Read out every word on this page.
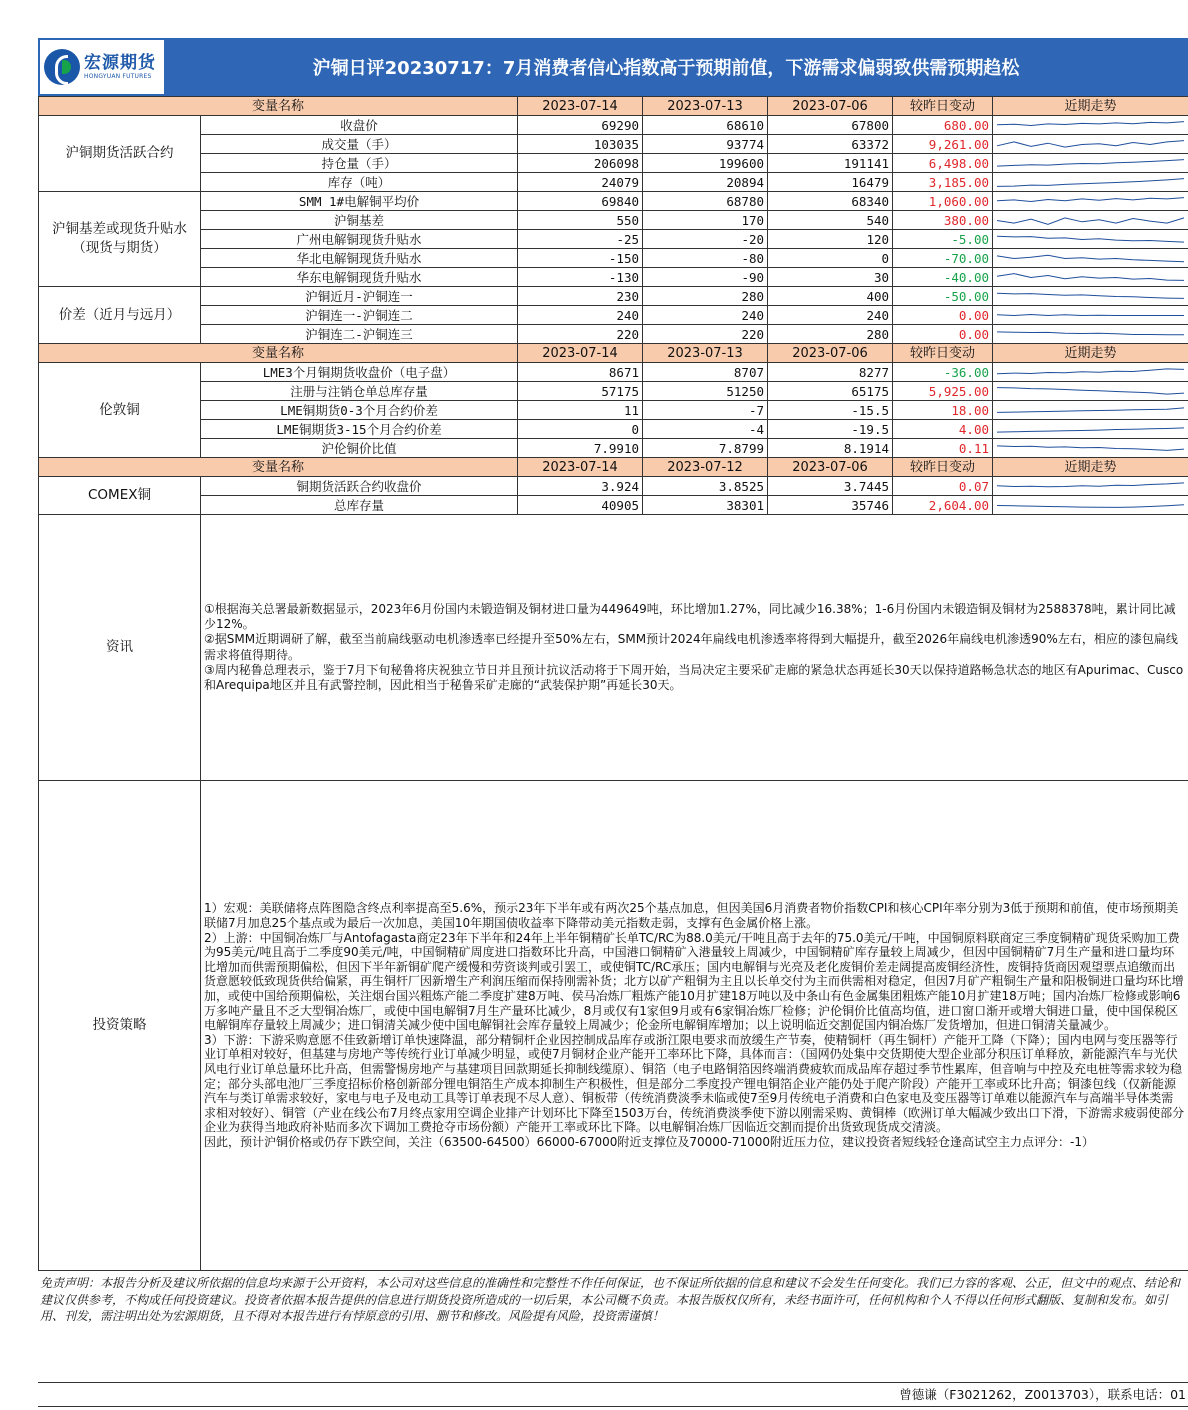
宏源期货
HONGYUAN FUTURES	沪铜日评20230717：7月消费者信心指数高于预期前值，下游需求偏弱致供需预期趋松
变量名称		2023-07-14	2023-07-13	2023-07-06	较昨日变动	近期走势
沪铜期货活跃合约	收盘价	69290	68610	67800	680.00	

	成交量（手）	103035	93774	63372	9,261.00	

	持仓量（手）	206098	199600	191141	6,498.00	

	库存（吨）	24079	20894	16479	3,185.00	

沪铜基差或现货升贴水（现货与期货）	SMM 1#电解铜平均价	69840	68780	68340	1,060.00	

	沪铜基差	550	170	540	380.00	

	广州电解铜现货升贴水	-25	-20	120	-5.00	

	华北电解铜现货升贴水	-150	-80	0	-70.00	

	华东电解铜现货升贴水	-130	-90	30	-40.00	

价差（近月与远月）	沪铜近月-沪铜连一	230	280	400	-50.00	

	沪铜连一-沪铜连二	240	240	240	0.00	

	沪铜连二-沪铜连三	220	220	280	0.00	

变量名称		2023-07-14	2023-07-13	2023-07-06	较昨日变动	近期走势
伦敦铜	LME3个月铜期货收盘价（电子盘）	8671	8707	8277	-36.00	

	注册与注销仓单总库存量	57175	51250	65175	5,925.00	

	LME铜期货0-3个月合约价差	11	-7	-15.5	18.00	

	LME铜期货3-15个月合约价差	0	-4	-19.5	4.00	

	沪伦铜价比值	7.9910	7.8799	8.1914	0.11	

变量名称		2023-07-14	2023-07-12	2023-07-06	较昨日变动	近期走势
COMEX铜	铜期货活跃合约收盘价	3.924	3.8525	3.7445	0.07	

	总库存量	40905	38301	35746	2,604.00	

资讯	①根据海关总署最新数据显示，2023年6月份国内未锻造铜及铜材进口量为449649吨，环比增加1.27%，同比减少16.38%；1-6月份国内未锻造铜及铜材为2588378吨，累计同比减少12%。

②据SMM近期调研了解，截至当前扁线驱动电机渗透率已经提升至50%左右，SMM预计2024年扁线电机渗透率将得到大幅提升，截至2026年扁线电机渗透90%左右，相应的漆包扁线需求将值得期待。

③周内秘鲁总理表示，鉴于7月下旬秘鲁将庆祝独立节日并且预计抗议活动将于下周开始，当局决定主要采矿走廊的紧急状态再延长30天以保持道路畅急状态的地区有Apurimac、Cusco和Arequipa地区并且有武警控制，因此相当于秘鲁采矿走廊的“武装保护期”再延长30天。					

投资策略	1）宏观：美联储将点阵图隐含终点利率提高至5.6%，预示23年下半年或有两次25个基点加息，但因美国6月消费者物价指数CPI和核心CPI年率分别为3低于预期和前值，使市场预期美联储7月加息25个基点或为最后一次加息，美国10年期国债收益率下降带动美元指数走弱，支撑有色金属价格上涨。

2）上游：中国铜冶炼厂与Antofagasta商定23年下半年和24年上半年铜精矿长单TC/RC为88.0美元/干吨且高于去年的75.0美元/干吨，中国铜原料联商定三季度铜精矿现货采购加工费为95美元/吨且高于二季度90美元/吨，中国铜精矿周度进口指数环比升高，中国港口铜精矿入港量较上周减少，中国铜精矿库存量较上周减少，但因中国铜精矿7月生产量和进口量均环比增加而供需预期偏松，但因下半年新铜矿爬产缓慢和劳资谈判或引罢工，或使铜TC/RC承压；国内电解铜与光亮及老化废铜价差走阔提高废铜经济性，废铜持货商因观望票点追缴而出货意愿较低致现货供给偏紧，再生铜杆厂因新增生产利润压缩而保持刚需补货；北方以矿产粗铜为主且以长单交付为主而供需相对稳定，但因7月矿产粗铜生产量和阳极铜进口量均环比增加，或使中国给预期偏松，关注烟台国兴粗炼产能二季度扩建8万吨、侯马冶炼厂粗炼产能10月扩建18万吨以及中条山有色金属集团粗炼产能10月扩建18万吨；国内冶炼厂检修或影响6万多吨产量且不乏大型铜冶炼厂，或使中国电解铜7月生产量环比减少，8月或仅有1家但9月或有6家铜冶炼厂检修；沪伦铜价比值高均值，进口窗口渐开或增大铜进口量，使中国保税区电解铜库存量较上周减少；进口铜清关减少使中国电解铜社会库存量较上周减少；伦金所电解铜库增加；以上说明临近交割促国内铜冶炼厂发货增加，但进口铜清关量减少。

3）下游：下游采购意愿不佳致新增订单快速降温，部分精铜杆企业因控制成品库存或浙江限电要求而放缓生产节奏，使精铜杆（再生铜杆）产能开工降（下降）；国内电网与变压器等行业订单相对较好，但基建与房地产等传统行业订单减少明显，或使7月铜材企业产能开工率环比下降，具体而言：（国网仍处集中交货期使大型企业部分积压订单释放，新能源汽车与光伏风电行业订单总量环比升高，但需警惕房地产与基建项目回款期延长抑制线缆原）、铜箔（电子电路铜箔因终端消费疲软而成品库存超过季节性累库，但音响与中控及充电桩等需求较为稳定；部分头部电池厂三季度招标价格创新部分锂电铜箔生产成本抑制生产积极性，但是部分二季度投产锂电铜箔企业产能仍处于爬产阶段）产能开工率或环比升高；铜漆包线（仅新能源汽车与类订单需求较好，家电与电子及电动工具等订单表现不尽人意）、铜板带（传统消费淡季未临或使7至9月传统电子消费和白色家电及变压器等订单难以能源汽车与高端半导体类需求相对较好）、铜管（产业在线公布7月终点家用空调企业排产计划环比下降至1503万台，传统消费淡季使下游以刚需采购、黄铜棒（欧洲订单大幅减少致出口下滑，下游需求疲弱使部分企业为获得当地政府补贴而多次下调加工费抢夺市场份额）产能开工率或环比下降。以电解铜冶炼厂因临近交割而提价出货致现货成交清淡。

因此，预计沪铜价格或仍存下跌空间，关注（63500-64500）66000-67000附近支撑位及70000-71000附近压力位，建议投资者短线轻仓逢高试空主力点评分：-1）					

免责声明：本报告分析及建议所依据的信息均来源于公开资料，本公司对这些信息的准确性和完整性不作任何保证，也不保证所依据的信息和建议不会发生任何变化。我们已力容的客观、公正，但文中的观点、结论和建议仅供参考，不构成任何投资建议。投资者依据本报告提供的信息进行期货投资所造成的一切后果，本公司概不负责。本报告版权仅所有，未经书面许可，任何机构和个人不得以任何形式翻版、复制和发布。如引用、刊发，需注明出处为宏源期货，且不得对本报告进行有悖原意的引用、删节和修改。风险提有风险，投资需谨慎！
曾德谦（F3021262，Z0013703），联系电话：01
